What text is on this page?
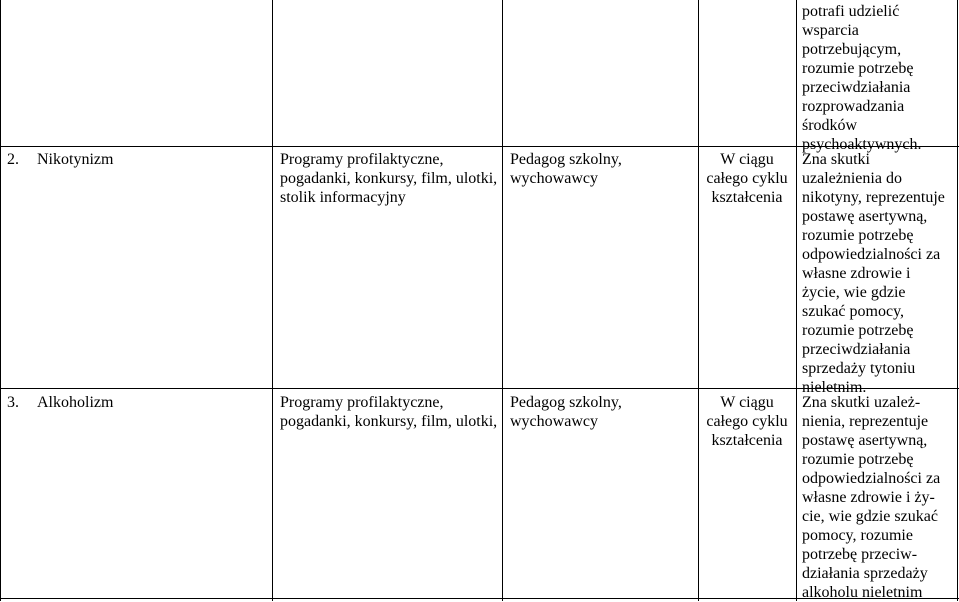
potrafi udzielić
wsparcia
potrzebującym,
rozumie potrzebę
przeciwdziałania
rozprowadzania
środków
psychoaktywnych.
2. Nikotynizm	Programy profilaktyczne,
pogadanki, konkursy, film, ulotki,
stolik informacyjny
Pedagog szkolny,
wychowawcy
W ciągu
całego cyklu
kształcenia
Zna skutki
uzależnienia do
nikotyny, reprezentuje
postawę asertywną,
rozumie potrzebę
odpowiedzialności za
własne zdrowie i
życie, wie gdzie
szukać pomocy,
rozumie potrzebę
przeciwdziałania
sprzedaży tytoniu
nieletnim.
3. Alkoholizm	Programy profilaktyczne,
pogadanki, konkursy, film, ulotki,
Pedagog szkolny,
wychowawcy
W ciągu
całego cyklu
kształcenia
Zna skutki uzależ-
nienia, reprezentuje
postawę asertywną,
rozumie potrzebę
odpowiedzialności za
własne zdrowie i ży-
cie, wie gdzie szukać
pomocy, rozumie
potrzebę przeciw-
działania sprzedaży
alkoholu nieletnim
